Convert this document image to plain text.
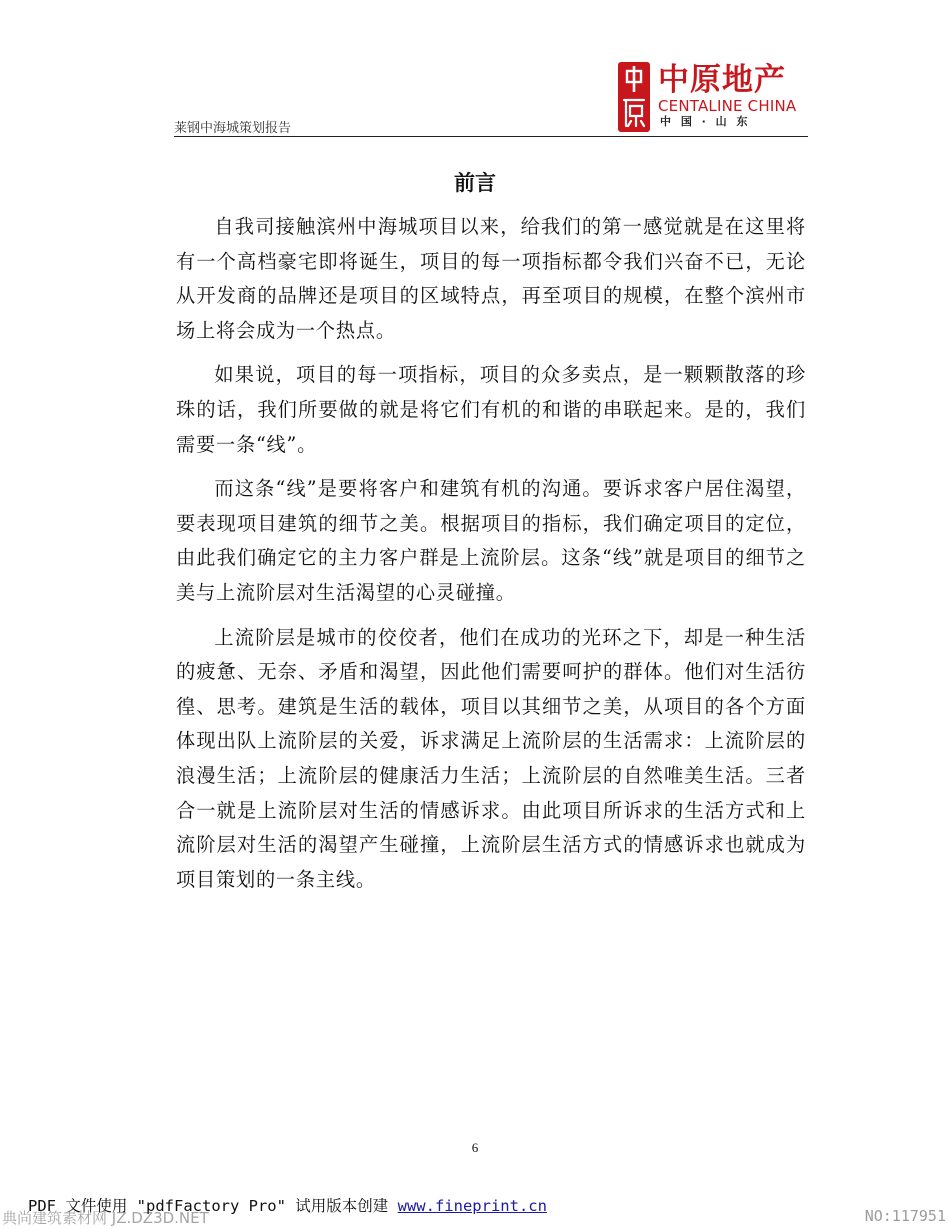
莱钢中海城策划报告
中原地产
CENTALINE CHINA
中 国 · 山 东
前言

自我司接触滨州中海城项目以来，给我们的第一感觉就是在这里将有一个高档豪宅即将诞生，项目的每一项指标都令我们兴奋不已，无论从开发商的品牌还是项目的区域特点，再至项目的规模，在整个滨州市场上将会成为一个热点。

如果说，项目的每一项指标，项目的众多卖点，是一颗颗散落的珍珠的话，我们所要做的就是将它们有机的和谐的串联起来。是的，我们需要一条“线”。

而这条“线”是要将客户和建筑有机的沟通。要诉求客户居住渴望，要表现项目建筑的细节之美。根据项目的指标，我们确定项目的定位，由此我们确定它的主力客户群是上流阶层。这条“线”就是项目的细节之美与上流阶层对生活渴望的心灵碰撞。

上流阶层是城市的佼佼者，他们在成功的光环之下，却是一种生活的疲惫、无奈、矛盾和渴望，因此他们需要呵护的群体。他们对生活彷徨、思考。建筑是生活的载体，项目以其细节之美，从项目的各个方面体现出队上流阶层的关爱，诉求满足上流阶层的生活需求：上流阶层的浪漫生活；上流阶层的健康活力生活；上流阶层的自然唯美生活。三者合一就是上流阶层对生活的情感诉求。由此项目所诉求的生活方式和上流阶层对生活的渴望产生碰撞，上流阶层生活方式的情感诉求也就成为项目策划的一条主线。

6
PDF 文件使用 "pdfFactory Pro" 试用版本创建 www.fineprint.cn
典尚建筑素材网 JZ.DZ3D.NET	NO:117951
